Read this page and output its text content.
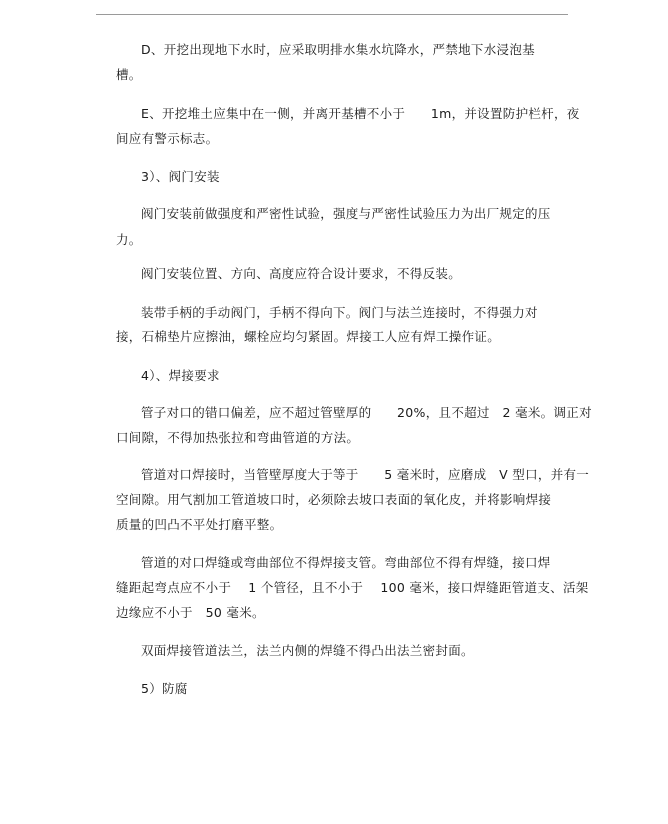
D、开挖出现地下水时，应采取明排水集水坑降水，严禁地下水浸泡基
槽。
E、开挖堆土应集中在一侧，并离开基槽不小于      1m，并设置防护栏杆，夜
间应有警示标志。
3）、阀门安装
阀门安装前做强度和严密性试验，强度与严密性试验压力为出厂规定的压
力。
阀门安装位置、方向、高度应符合设计要求，不得反装。
装带手柄的手动阀门，手柄不得向下。阀门与法兰连接时，不得强力对
接，石棉垫片应擦油，螺栓应均匀紧固。焊接工人应有焊工操作证。
4）、焊接要求
管子对口的错口偏差，应不超过管壁厚的      20%，且不超过   2 毫米。调正对
口间隙，不得加热张拉和弯曲管道的方法。
管道对口焊接时，当管壁厚度大于等于      5 毫米时，应磨成   V 型口，并有一
空间隙。用气割加工管道坡口时，必须除去坡口表面的氧化皮，并将影响焊接
质量的凹凸不平处打磨平整。
管道的对口焊缝或弯曲部位不得焊接支管。弯曲部位不得有焊缝，接口焊
缝距起弯点应不小于    1 个管径，且不小于    100 毫米，接口焊缝距管道支、活架
边缘应不小于   50 毫米。
双面焊接管道法兰，法兰内侧的焊缝不得凸出法兰密封面。
5）防腐
